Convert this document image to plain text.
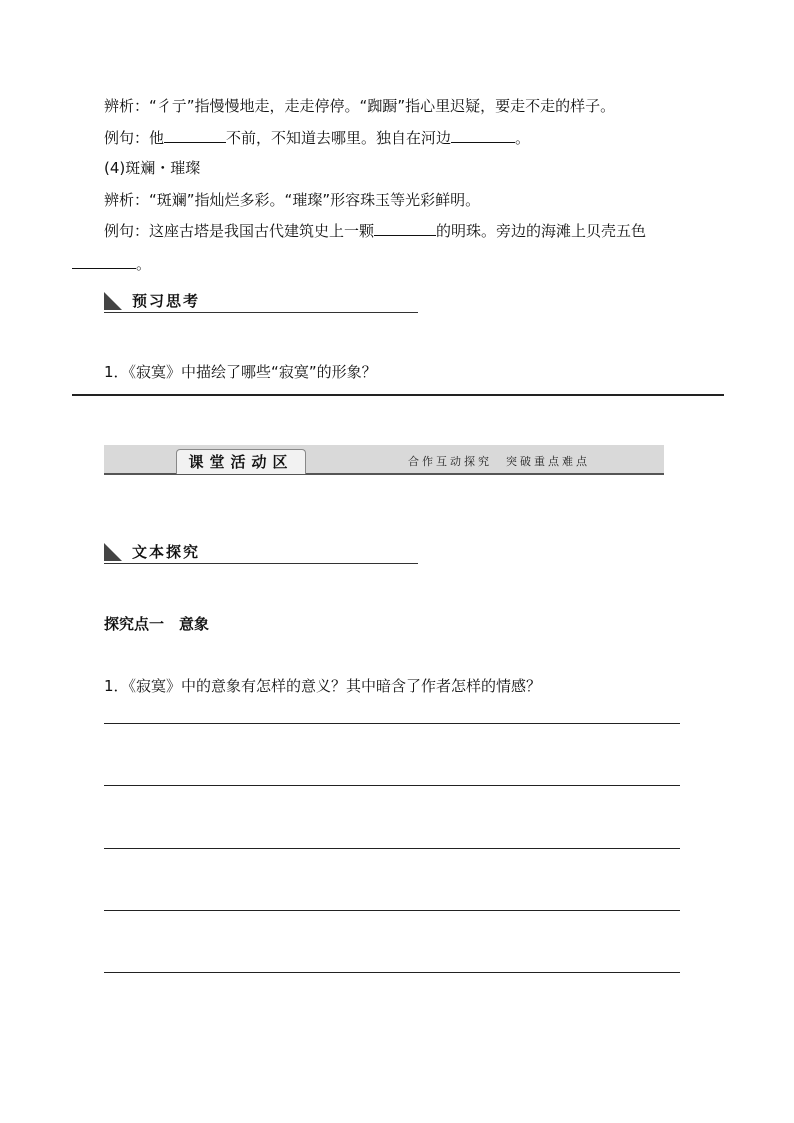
辨析：“彳亍”指慢慢地走，走走停停。“踟蹰”指心里迟疑，要走不走的样子。
例句：他	不前，不知道去哪里。独自在河边	。
(4)斑斓・璀璨
辨析：“斑斓”指灿烂多彩。“璀璨”形容珠玉等光彩鲜明。
例句：这座古塔是我国古代建筑史上一颗	的明珠。旁边的海滩上贝壳五色
。
预习思考
1．《寂寞》中描绘了哪些“寂寞”的形象？
课堂活动区	合作互动探究　突破重点难点
文本探究
探究点一　意象
1．《寂寞》中的意象有怎样的意义？其中暗含了作者怎样的情感？
